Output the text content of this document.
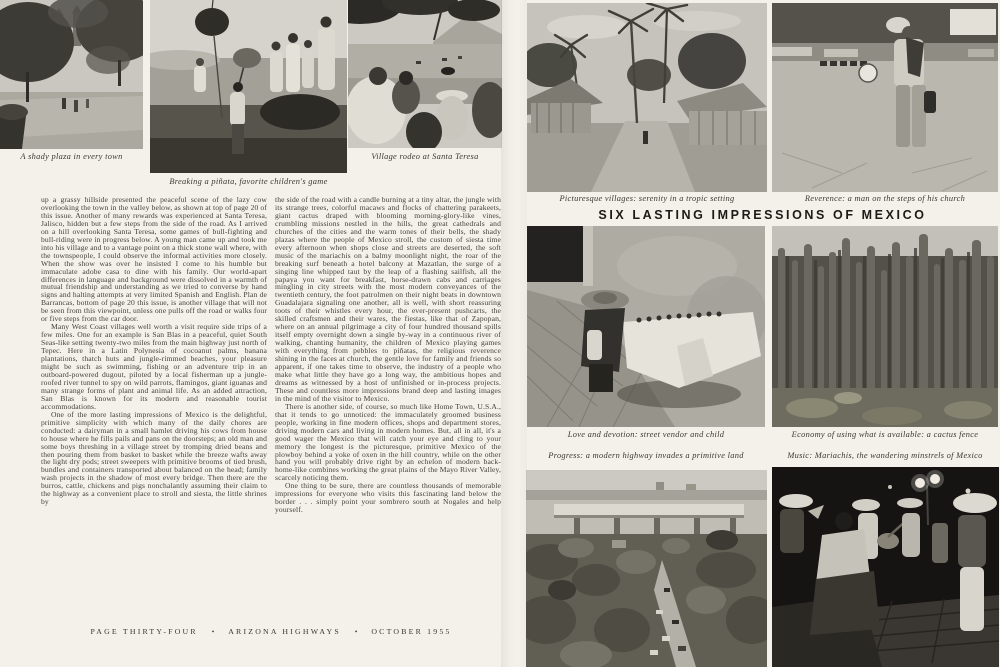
A shady plaza in every town
Breaking a piñata, favorite children's game
Village rodeo at Santa Teresa

up a grassy hillside presented the peaceful scene of the lazy cow overlooking the town in the valley below, as shown at top of page 20 of this issue. Another of many rewards was experienced at Santa Teresa, Jalisco, hidden but a few steps from the side of the road. As I arrived on a hill overlooking Santa Teresa, some games of bull-fighting and bull-riding were in progress below. A young man came up and took me into his village and to a vantage point on a thick stone wall where, with the townspeople, I could observe the informal activities more closely. When the show was over he insisted I come to his humble but immaculate adobe casa to dine with his family. Our world-apart differences in language and background were dissolved in a warmth of mutual friendship and understanding as we tried to converse by hand signs and halting attempts at very limited Spanish and English. Plan de Barrancas, bottom of page 20 this issue, is another village that will not be seen from this viewpoint, unless one pulls off the road or walks four or five steps from the car door.

Many West Coast villages well worth a visit require side trips of a few miles. One for an example is San Blas in a peaceful, quiet South Seas-like setting twenty-two miles from the main highway just north of Tepec. Here in a Latin Polynesia of cocoanut palms, banana plantations, thatch huts and jungle-rimmed beaches, your pleasure might be such as swimming, fishing or an adventure trip in an outboard-powered dugout, piloted by a local fisherman up a jungle-roofed river tunnel to spy on wild parrots, flamingos, giant iguanas and many strange forms of plant and animal life. As an added attraction, San Blas is known for its modern and reasonable tourist accommodations.

One of the more lasting impressions of Mexico is the delightful, primitive simplicity with which many of the daily chores are conducted: a dairyman in a small hamlet driving his cows from house to house where he fills pails and pans on the doorsteps; an old man and some boys threshing in a village street by tromping dried beans and then pouring them from basket to basket while the breeze wafts away the light dry pods; street sweepers with primitive brooms of tied brush, bundles and containers transported about balanced on the head; family wash projects in the shadow of most every bridge. Then there are the burros, cattle, chickens and pigs nonchalantly assuming their claim to the highway as a convenient place to stroll and siesta, the little shrines by

the side of the road with a candle burning at a tiny altar, the jungle with its strange trees, colorful macaws and flocks of chattering parakeets, giant cactus draped with blooming morning-glory-like vines, crumbling missions nestled in the hills, the great cathedrals and churches of the cities and the warm tones of their bells, the shady plazas where the people of Mexico stroll, the custom of siesta time every afternoon when shops close and streets are deserted, the soft music of the mariachis on a balmy moonlight night, the roar of the breaking surf beneath a hotel balcony at Mazatlan, the surge of a singing line whipped taut by the leap of a flashing sailfish, all the papaya you want for breakfast, horse-drawn cabs and carriages mingling in city streets with the most modern conveyances of the twentieth century, the foot patrolmen on their night beats in downtown Guadalajara signaling one another, all is well, with short reassuring toots of their whistles every hour, the ever-present pushcarts, the skilled craftsmen and their wares, the fiestas, like that of Zapopan, where on an annual pilgrimage a city of four hundred thousand spills itself empty overnight down a single by-way in a continuous river of walking, chanting humanity, the children of Mexico playing games with everything from pebbles to piñatas, the religious reverence shining in the faces at church, the gentle love for family and friends so apparent, if one takes time to observe, the industry of a people who make what little they have go a long way, the ambitious hopes and dreams as witnessed by a host of unfinished or in-process projects. These and countless more impressions brand deep and lasting images in the mind of the visitor to Mexico.

There is another side, of course, so much like Home Town, U.S.A., that it tends to go unnoticed: the immaculately groomed business people, working in fine modern offices, shops and department stores, driving modern cars and living in modern homes. But, all in all, it's a good wager the Mexico that will catch your eye and cling to your memory the longest is the picturesque, primitive Mexico of the plowboy behind a yoke of oxen in the hill country, while on the other hand you will probably drive right by an echelon of modern back-home-like combines working the great plains of the Mayo River Valley, scarcely noticing them.

One thing to be sure, there are countless thousands of memorable impressions for everyone who visits this fascinating land below the border . . . simply point your sombrero south at Nogales and help yourself.

PAGE THIRTY-FOUR • ARIZONA HIGHWAYS • OCTOBER 1955
Picturesque villages: serenity in a tropic setting	Reverence: a man on the steps of his church
SIX LASTING IMPRESSIONS OF MEXICO
Love and devotion: street vendor and child
Progress: a modern highway invades a primitive land
Economy of using what is available: a cactus fence
Music: Mariachis, the wandering minstrels of Mexico
